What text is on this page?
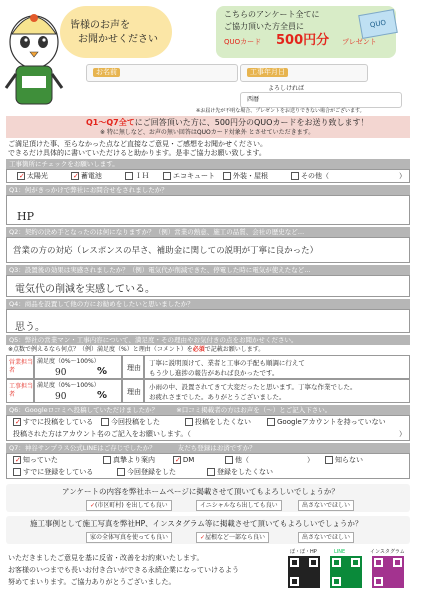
皆様のお声を
お聞かせください
こちらのアンケート全てに
ご協力頂いた方全員に
QUOカード 500円分 プレゼント
QUO
お名前	工事年月日
よろしければ
西暦
※お届け先が不明な場合、プレゼントをお送りできない場合がございます。
Q1～Q7全てにご回答頂いた方に、500円分のQUOカードをお送り致します！
※ 特に無しなど、お声の無い回答はQUOカード対象外 とさせていただきます。
ご満足頂けた事、至らなかった点など直接なご意見・ご感想をお聞かせください。
できるだけ具体的に書いていただけると助かります。是非ご協力お願い致します。
工事箇所にチェックをお願いします。
✓ 太陽光	✓ 蓄電池	ＩＨ	エコキュート	外装・屋根	その他（	）
Q1：何がきっかけで弊社にお問合せをされましたか？
HP
Q2：契約の決め手となったのは何になりますか？（例）営業の熱意、施工の品質、会社の歴史など…
営業の方の対応（レスポンスの早さ、補助金に関しての説明が丁寧に良かった）
Q3：設置後の効果は実感されましたか？（例）電気代が削減できた、停電した時に電気が使えたなど…
電気代の削減を実感している。
Q4：商品を設置して他の方にお勧めをしたいと思いましたか？
思う。
Q5：弊社の営業マン・工事内容について、満足度・その理由やお気付きの点をお聞かせください。
※点数で例えるなら何点？（例）満足度（%）と理由（コメント）を必須で記載お願いします。
営業担当者
満足度（0%～100%）
90	%	理由
丁寧に説明頂けて、業者と工事の手配も順調に行えて
もう少し進捗の報告があれば良かったです。
工事担当者
満足度（0%～100%）
90	%	理由
小雨の中、設置されてきて大変だったと思います。丁寧な作業でした。
お疲れさまでした。ありがとうございました。
Q6：Googleロコミへ投稿していただけましたか？	※口コミ掲載者の方はお声を（〜）とご記入下さい。
✓ すでに投稿をしている	今回投稿をした	投稿をしたくない	Googleアカウントを持っていない
投稿された方はアカウント名のご記入をお願いします。（	）
Q7：神谷サンプラス公式LINEはご存じでしたか？	友だち登録はお済ですか？
✓ 知っていた	真摯より案内	✓ DM	他（	）	知らない
すでに登録をしている	今回登録をした	登録をしたくない
アンケートの内容を弊社ホームページに掲載させて頂いてもよろしいでしょうか？
✓(市区町村) を出しても良い	イニシャルなら出しても良い	出さないでほしい
施工事例として施工写真を弊社HP、インスタグラム等に掲載させて頂いてもよろしいでしょうか？
家の全体写真を使っても良い	✓屋根など一部なら良い	出さないでほしい
いただきましたご意見を基に反省・改善をお約束いたします。
お客様のいつまでも長いお付き合いができる永続企業になっていけるよう
努めてまいります。ご協力ありがとうございました。
ぼ・ぼ・HP	LINE	インスタグラム
